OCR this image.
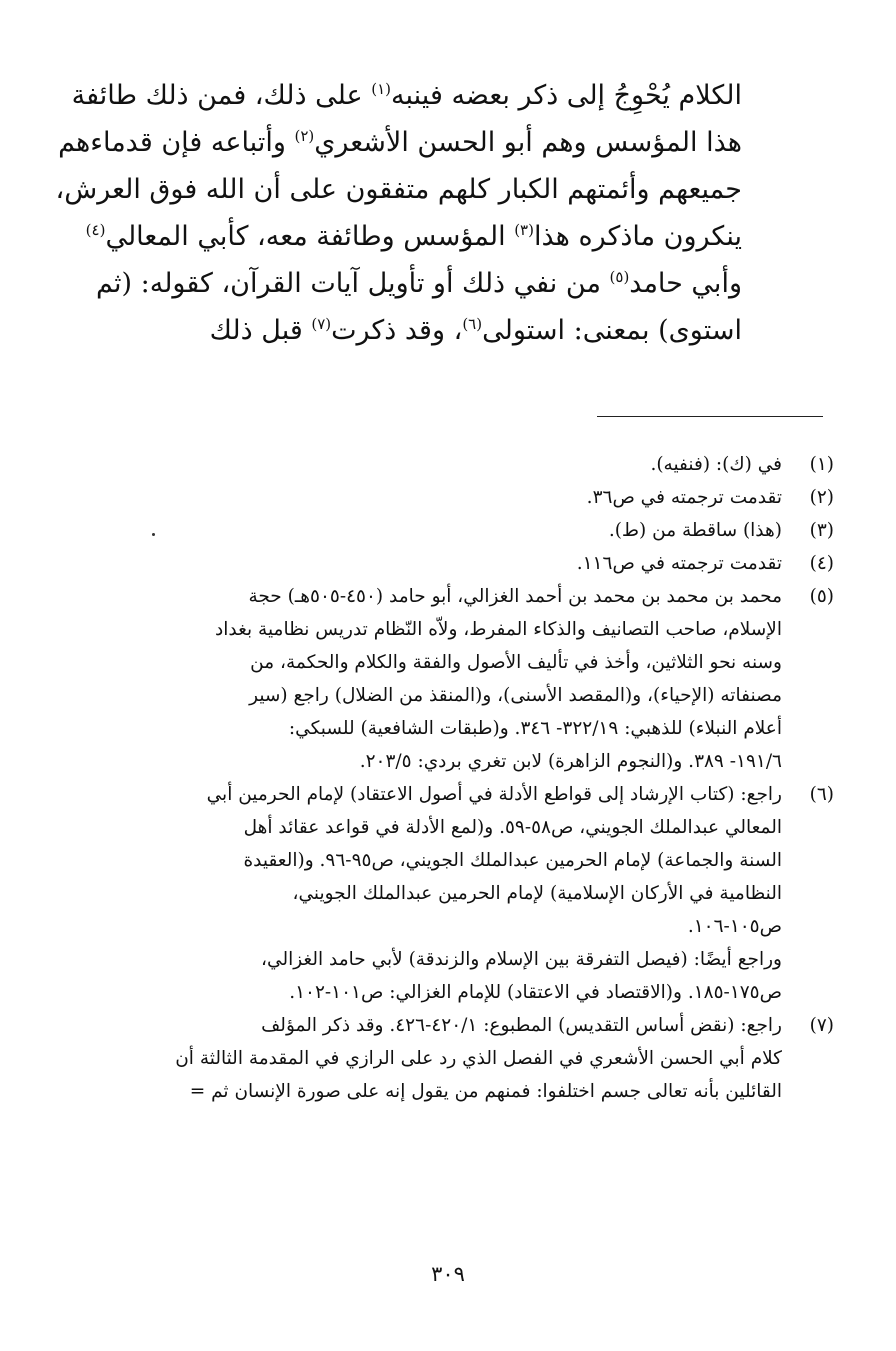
الكلام يُحْوِجُ إلى ذكر بعضه فينبه$^{(١)}$ على ذلك، فمن ذلك طائفة
هذا المؤسس وهم أبو الحسن الأشعري$^{(٢)}$ وأتباعه فإن قدماءهم
جميعهم وأئمتهم الكبار كلهم متفقون على أن الله فوق العرش،
ينكرون ماذكره هذا$^{(٣)}$ المؤسس وطائفة معه، كأبي المعالي$^{(٤)}$
وأبي حامد$^{(٥)}$ من نفي ذلك أو تأويل آيات القرآن، كقوله: (ثم
استوى) بمعنى: استولى$^{(٦)}$، وقد ذكرت$^{(٧)}$ قبل ذلك
(١)
في (ك): (فنفيه).
(٢)
تقدمت ترجمته في ص٣٦.
(٣)
(هذا) ساقطة من (ط).
(٤)
تقدمت ترجمته في ص١١٦.
(٥)
محمد بن محمد بن محمد بن أحمد الغزالي، أبو حامد (٤٥٠-٥٠٥هـ) حجة
الإسلام، صاحب التصانيف والذكاء المفرط، ولاّه النّظام تدريس نظامية بغداد
وسنه نحو الثلاثين، وأخذ في تأليف الأصول والفقة والكلام والحكمة، من
مصنفاته (الإحياء)، و(المقصد الأسنى)، و(المنقذ من الضلال) راجع (سير
أعلام النبلاء) للذهبي: ٣٢٢/١٩- ٣٤٦. و(طبقات الشافعية) للسبكي:
١٩١/٦- ٣٨٩. و(النجوم الزاهرة) لابن تغري بردي: ٢٠٣/٥.
(٦)
راجع: (كتاب الإرشاد إلى قواطع الأدلة في أصول الاعتقاد) لإمام الحرمين أبي
المعالي عبدالملك الجويني، ص٥٨-٥٩. و(لمع الأدلة في قواعد عقائد أهل
السنة والجماعة) لإمام الحرمين عبدالملك الجويني، ص٩٥-٩٦. و(العقيدة
النظامية في الأركان الإسلامية) لإمام الحرمين عبدالملك الجويني،
ص١٠٥-١٠٦.
وراجع أيضًا: (فيصل التفرقة بين الإسلام والزندقة) لأبي حامد الغزالي،
ص١٧٥-١٨٥. و(الاقتصاد في الاعتقاد) للإمام الغزالي: ص١٠١-١٠٢.
(٧)
راجع: (نقض أساس التقديس) المطبوع: ٤٢٠/١-٤٢٦. وقد ذكر المؤلف
كلام أبي الحسن الأشعري في الفصل الذي رد على الرازي في المقدمة الثالثة أن
القائلين بأنه تعالى جسم اختلفوا: فمنهم من يقول إنه على صورة الإنسان ثم =
٣٠٩
